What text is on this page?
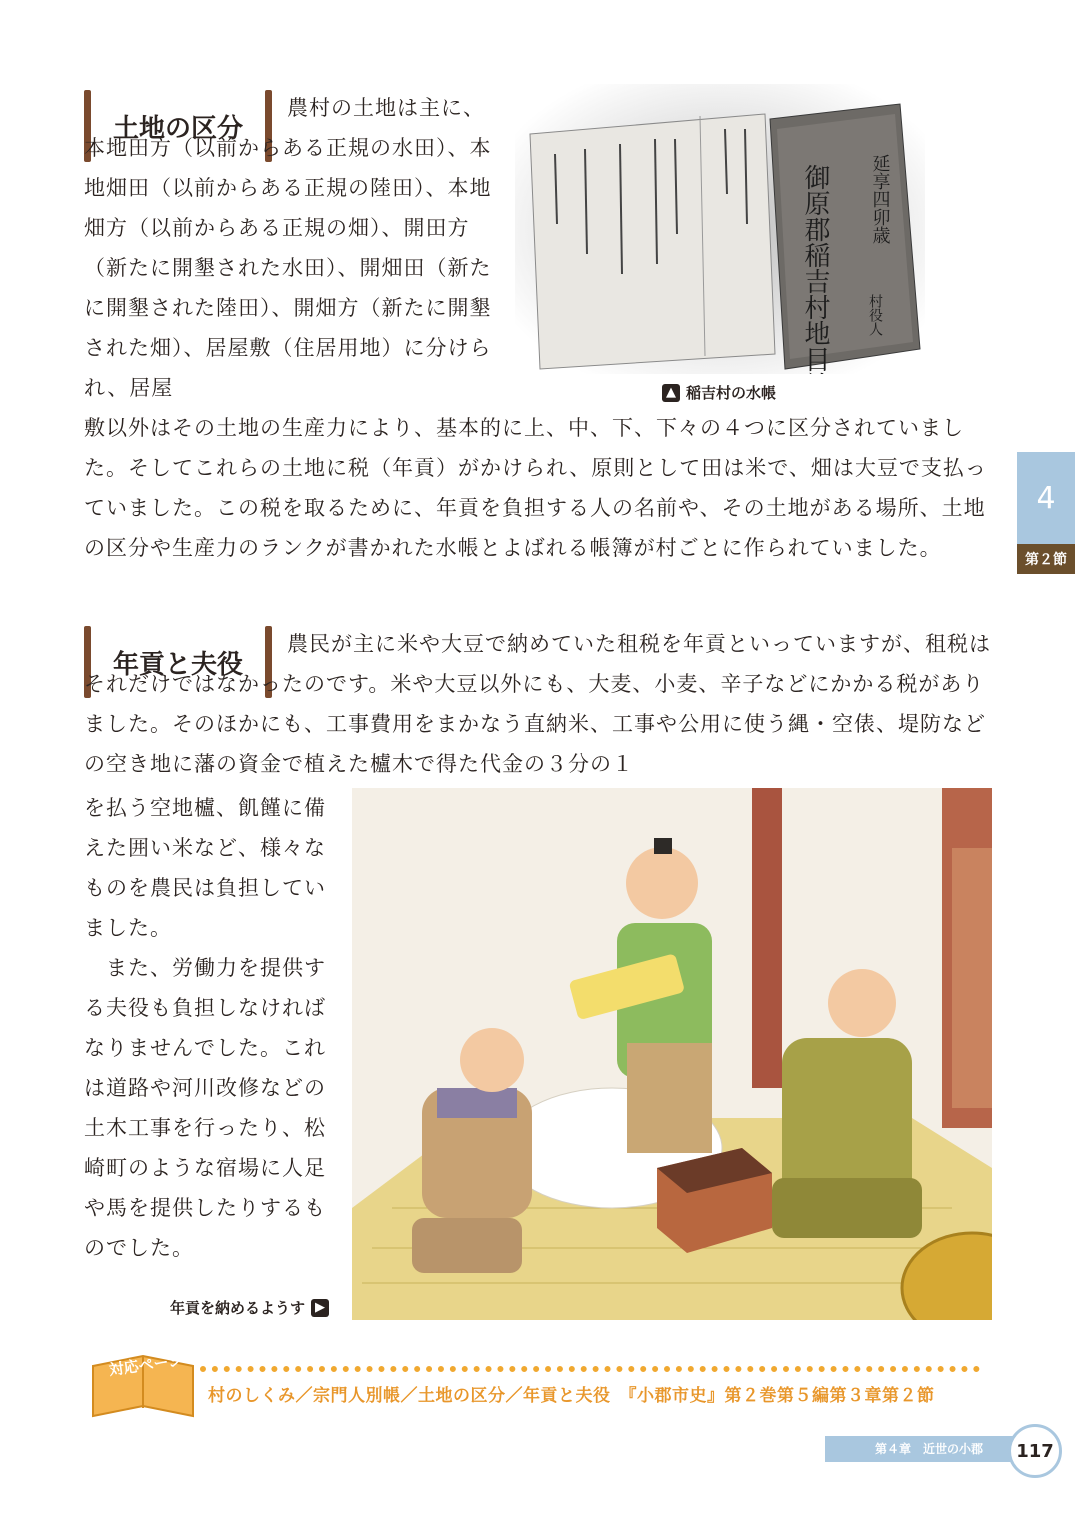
土地の区分

農村の土地は主に、本地田方（以前からある正規の水田）、本地畑田（以前からある正規の陸田）、本地畑方（以前からある正規の畑）、開田方（新たに開墾された水田）、開畑田（新たに開墾された陸田）、開畑方（新たに開墾された畑）、居屋敷（住居用地）に分けられ、居屋	御原郡稲吉村地目畝高水帳 延享四卯歳
村役人
▲ 稲吉村の水帳

敷以外はその土地の生産力により、基本的に上、中、下、下々の４つに区分されていました。そしてこれらの土地に税（年貢）がかけられ、原則として田は米で、畑は大豆で支払っていました。この税を取るために、年貢を負担する人の名前や、その土地がある場所、土地の区分や生産力のランクが書かれた水帳とよばれる帳簿が村ごとに作られていました。

4
第２節
年貢と夫役

農民が主に米や大豆で納めていた租税を年貢といっていますが、租税はそれだけではなかったのです。米や大豆以外にも、大麦、小麦、辛子などにかかる税がありました。そのほかにも、工事費用をまかなう直納米、工事や公用に使う縄・空俵、堤防などの空き地に藩の資金で植えた櫨木で得た代金の３分の１

を払う空地櫨、飢饉に備えた囲い米など、様々なものを農民は負担していました。

また、労働力を提供する夫役も負担しなければなりませんでした。これは道路や河川改修などの土木工事を行ったり、松崎町のような宿場に人足や馬を提供したりするものでした。

年貢を納めるようす ▶
対応ページ
村のしくみ／宗門人別帳／土地の区分／年貢と夫役　『小郡市史』第２巻第５編第３章第２節
第４章　近世の小郡	117
